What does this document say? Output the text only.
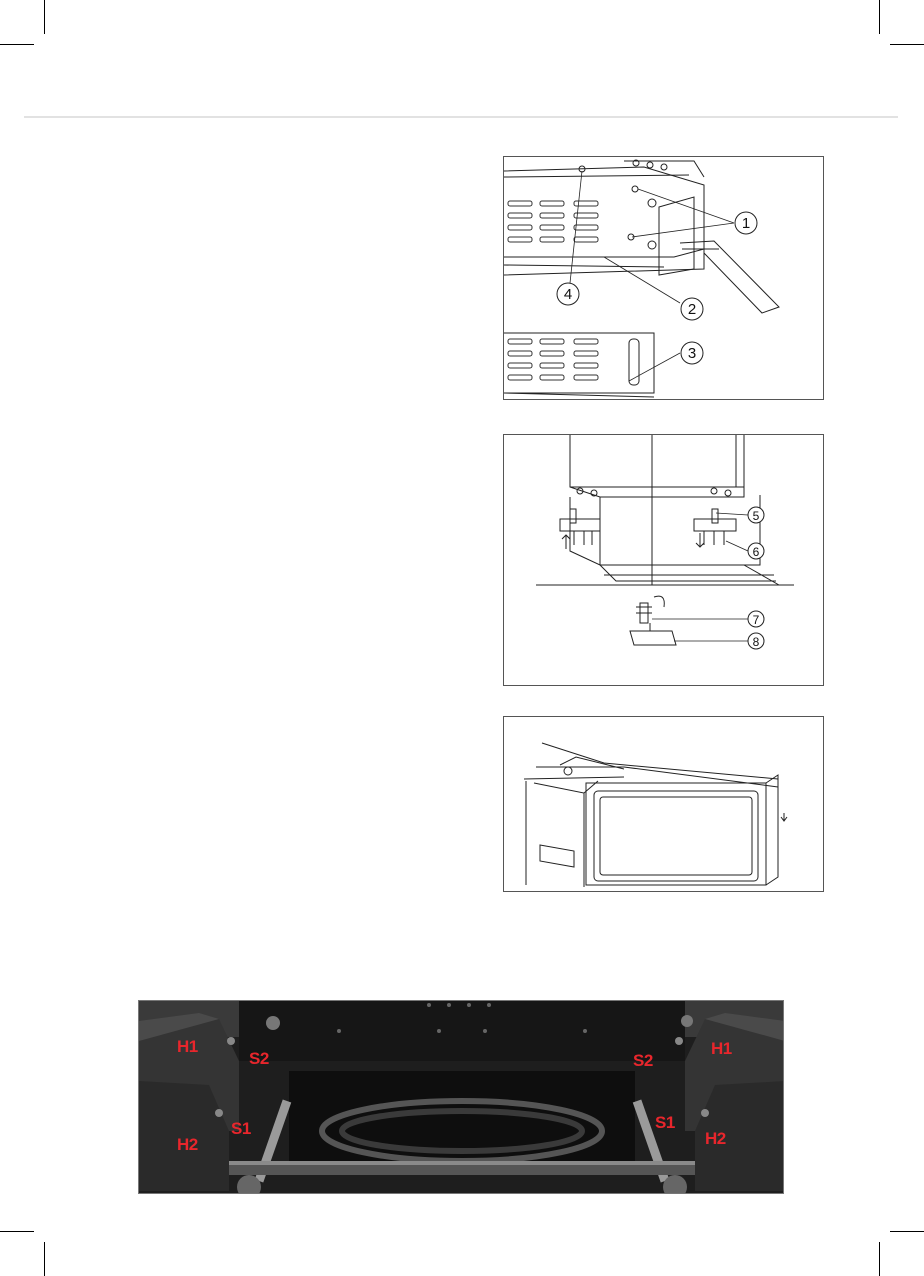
1
2
3
4
5
6
7
8
H1
S2
S1
H2
S2
H1
S1
H2
